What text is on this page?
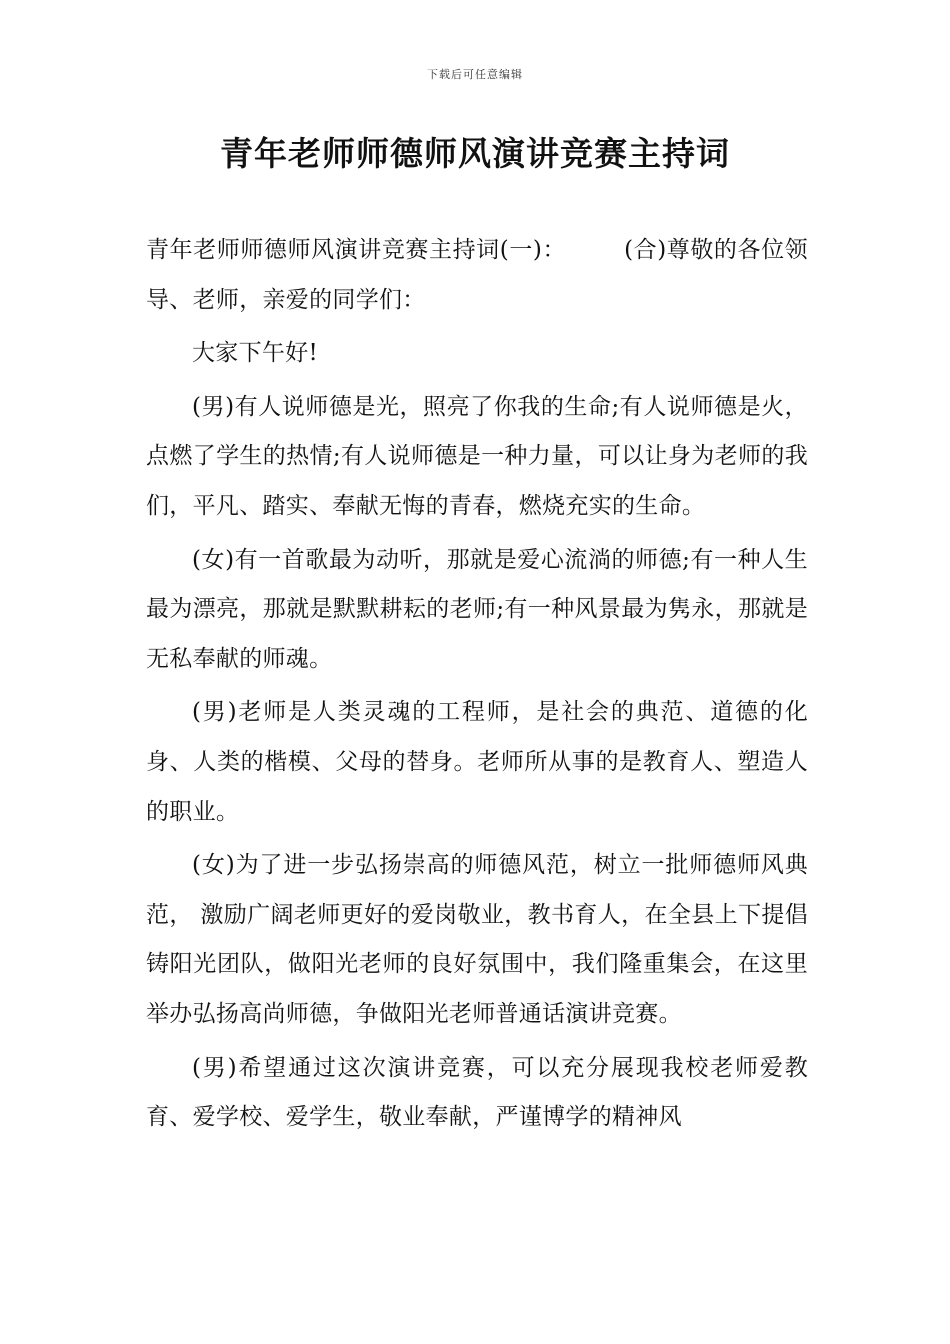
下载后可任意编辑
青年老师师德师风演讲竞赛主持词

青年老师师德师风演讲竞赛主持词(一)：	(合)尊敬的各位领导、老师，亲爱的同学们：

大家下午好!

(男)有人说师德是光，照亮了你我的生命;有人说师德是火，点燃了学生的热情;有人说师德是一种力量，可以让身为老师的我们，平凡、踏实、奉献无悔的青春，燃烧充实的生命。

(女)有一首歌最为动听，那就是爱心流淌的师德;有一种人生最为漂亮，那就是默默耕耘的老师;有一种风景最为隽永，那就是无私奉献的师魂。

(男)老师是人类灵魂的工程师，是社会的典范、道德的化身、人类的楷模、父母的替身。老师所从事的是教育人、塑造人的职业。

(女)为了进一步弘扬崇高的师德风范，树立一批师德师风典范， 激励广阔老师更好的爱岗敬业，教书育人，在全县上下提倡铸阳光团队，做阳光老师的良好氛围中，我们隆重集会，在这里举办弘扬高尚师德，争做阳光老师普通话演讲竞赛。

(男)希望通过这次演讲竞赛，可以充分展现我校老师爱教育、爱学校、爱学生，敬业奉献，严谨博学的精神风
